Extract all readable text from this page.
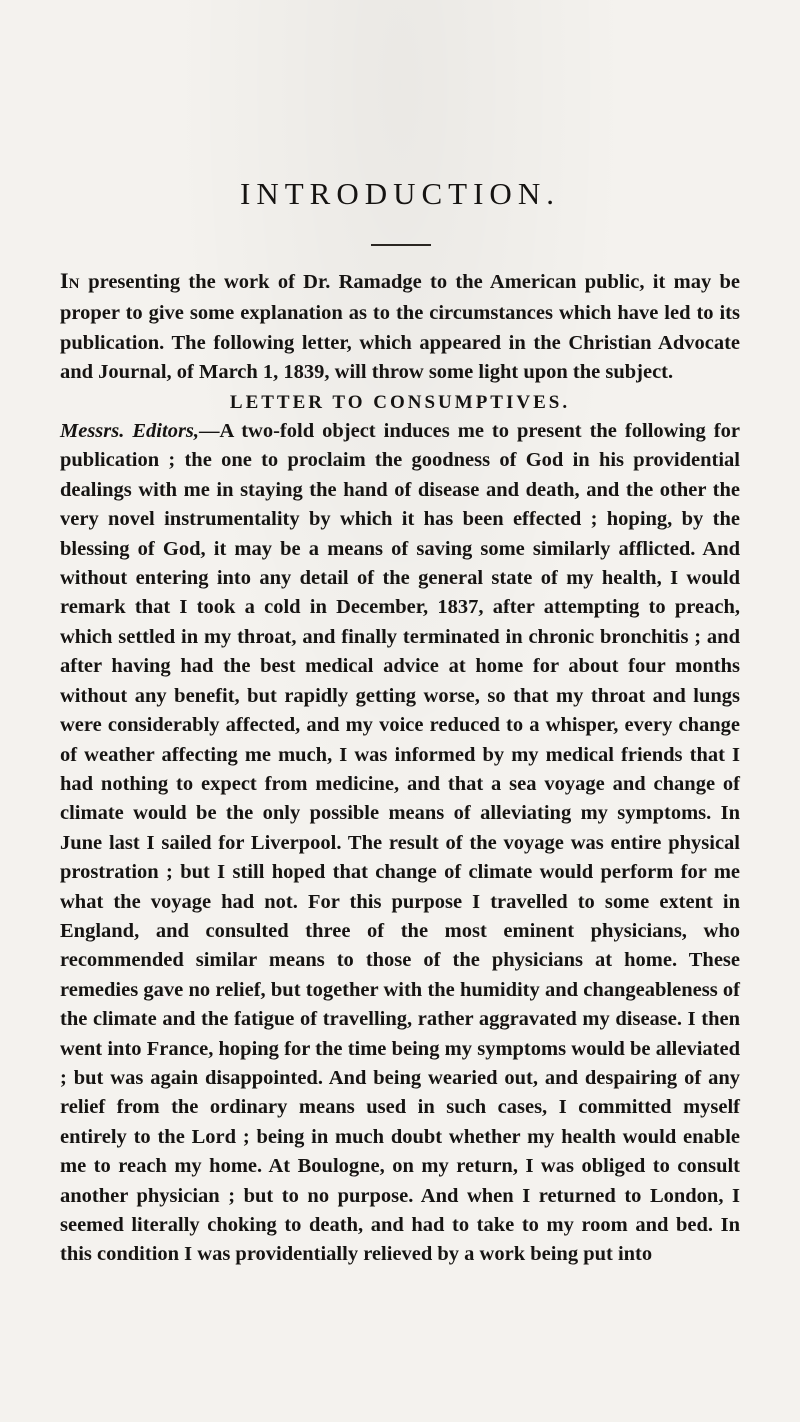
INTRODUCTION.

IN presenting the work of Dr. Ramadge to the American public, it may be proper to give some explanation as to the circumstances which have led to its publication. The following letter, which appeared in the Christian Advocate and Journal, of March 1, 1839, will throw some light upon the subject.

LETTER TO CONSUMPTIVES.

Messrs. Editors,—A two-fold object induces me to present the following for publication ; the one to proclaim the goodness of God in his providential dealings with me in staying the hand of disease and death, and the other the very novel instrumentality by which it has been effected ; hoping, by the blessing of God, it may be a means of saving some similarly afflicted. And without entering into any detail of the general state of my health, I would remark that I took a cold in December, 1837, after attempting to preach, which settled in my throat, and finally terminated in chronic bronchitis ; and after having had the best medical advice at home for about four months without any benefit, but rapidly getting worse, so that my throat and lungs were considerably affected, and my voice reduced to a whisper, every change of weather affecting me much, I was informed by my medical friends that I had nothing to expect from medicine, and that a sea voyage and change of climate would be the only possible means of alleviating my symptoms. In June last I sailed for Liverpool. The result of the voyage was entire physical prostration ; but I still hoped that change of climate would perform for me what the voyage had not. For this purpose I travelled to some extent in England, and consulted three of the most eminent physicians, who recommended similar means to those of the physicians at home. These remedies gave no relief, but together with the humidity and changeableness of the climate and the fatigue of travelling, rather aggravated my disease. I then went into France, hoping for the time being my symptoms would be alleviated ; but was again disappointed. And being wearied out, and despairing of any relief from the ordinary means used in such cases, I committed myself entirely to the Lord ; being in much doubt whether my health would enable me to reach my home. At Boulogne, on my return, I was obliged to consult another physician ; but to no purpose. And when I returned to London, I seemed literally choking to death, and had to take to my room and bed. In this condition I was providentially relieved by a work being put into
